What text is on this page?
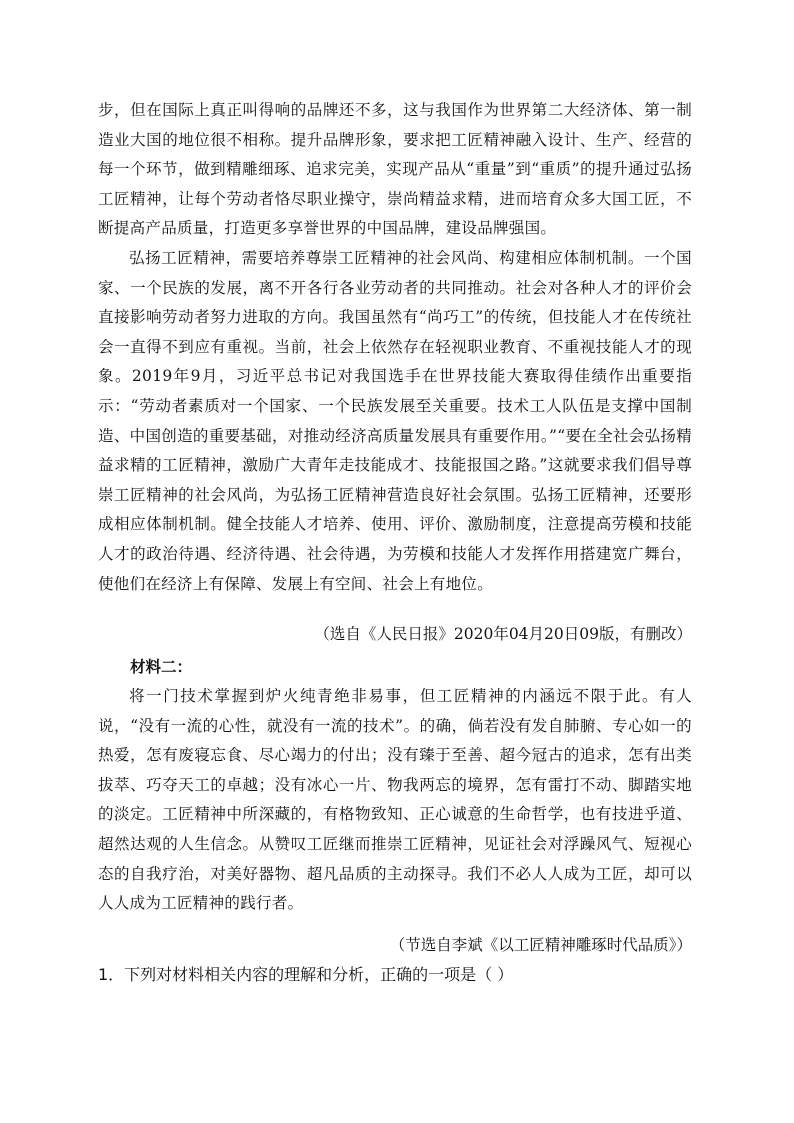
步，但在国际上真正叫得响的品牌还不多，这与我国作为世界第二大经济体、第一制造业大国的地位很不相称。提升品牌形象，要求把工匠精神融入设计、生产、经营的每一个环节，做到精雕细琢、追求完美，实现产品从“重量”到“重质”的提升通过弘扬工匠精神，让每个劳动者恪尽职业操守，崇尚精益求精，进而培育众多大国工匠，不断提高产品质量，打造更多享誉世界的中国品牌，建设品牌强国。

弘扬工匠精神，需要培养尊崇工匠精神的社会风尚、构建相应体制机制。一个国家、一个民族的发展，离不开各行各业劳动者的共同推动。社会对各种人才的评价会直接影响劳动者努力进取的方向。我国虽然有“尚巧工”的传统，但技能人才在传统社会一直得不到应有重视。当前，社会上依然存在轻视职业教育、不重视技能人才的现象。2019年9月，习近平总书记对我国选手在世界技能大赛取得佳绩作出重要指示：“劳动者素质对一个国家、一个民族发展至关重要。技术工人队伍是支撑中国制造、中国创造的重要基础，对推动经济高质量发展具有重要作用。”“要在全社会弘扬精益求精的工匠精神，激励广大青年走技能成才、技能报国之路。”这就要求我们倡导尊崇工匠精神的社会风尚，为弘扬工匠精神营造良好社会氛围。弘扬工匠精神，还要形成相应体制机制。健全技能人才培养、使用、评价、激励制度，注意提高劳模和技能人才的政治待遇、经济待遇、社会待遇，为劳模和技能人才发挥作用搭建宽广舞台，使他们在经济上有保障、发展上有空间、社会上有地位。

（选自《人民日报》2020年04月20日09版，有删改）

材料二：

将一门技术掌握到炉火纯青绝非易事，但工匠精神的内涵远不限于此。有人说，“没有一流的心性，就没有一流的技术”。的确，倘若没有发自肺腑、专心如一的热爱，怎有废寝忘食、尽心竭力的付出；没有臻于至善、超今冠古的追求，怎有出类拔萃、巧夺天工的卓越；没有冰心一片、物我两忘的境界，怎有雷打不动、脚踏实地的淡定。工匠精神中所深藏的，有格物致知、正心诚意的生命哲学，也有技进乎道、超然达观的人生信念。从赞叹工匠继而推崇工匠精神，见证社会对浮躁风气、短视心态的自我疗治，对美好器物、超凡品质的主动探寻。我们不必人人成为工匠，却可以人人成为工匠精神的践行者。

（节选自李斌《以工匠精神雕琢时代品质》）

1．下列对材料相关内容的理解和分析，正确的一项是（ ）
